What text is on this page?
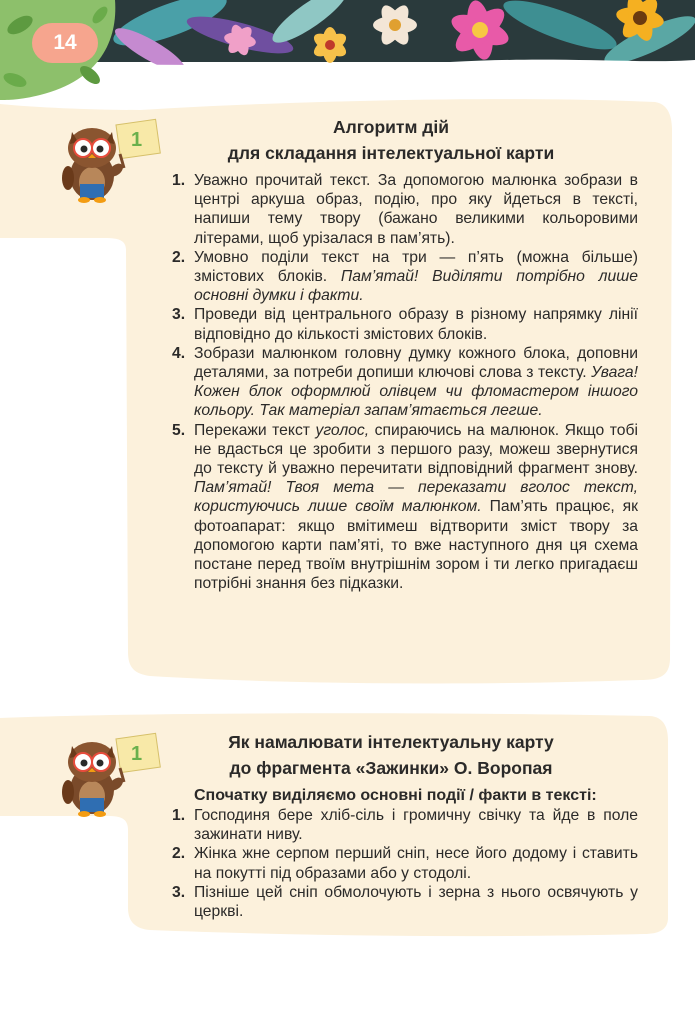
14
1
Алгоритм дій
для складання інтелектуальної карти
1. Уважно прочитай текст. За допомогою малюнка зобрази в центрі аркуша образ, подію, про яку йдеться в тексті, напиши тему твору (бажано великими кольоровими літерами, щоб урізалася в пам’ять).
2. Умовно поділи текст на три — п’ять (можна більше) змістових блоків. Пам’ятай! Виділяти потрібно лише основні думки і факти.
3. Проведи від центрального образу в різному напрямку лінії відповідно до кількості змістових блоків.
4. Зобрази малюнком головну думку кожного блока, доповни деталями, за потреби допиши ключові слова з тексту. Увага! Кожен блок оформлюй олівцем чи фломастером іншого кольору. Так матеріал запам’ятається легше.
5. Перекажи текст уголос, спираючись на малюнок. Якщо тобі не вдасться це зробити з першого разу, можеш звернутися до тексту й уважно перечитати відповідний фрагмент знову. Пам’ятай! Твоя мета — переказати вголос текст, користуючись лише своїм малюнком. Пам’ять працює, як фотоапарат: якщо вмітимеш відтворити зміст твору за допомогою карти пам’яті, то вже наступного дня ця схема постане перед твоїм внутрішнім зором і ти легко пригадаєш потрібні знання без підказки.
1
Як намалювати інтелектуальну карту
до фрагмента «Зажинки» О. Воропая
Спочатку виділяємо основні події / факти в тексті:
1. Господиня бере хліб-сіль і громичну свічку та йде в поле зажинати ниву.
2. Жінка жне серпом перший сніп, несе його додому і ставить на покутті під образами або у стодолі.
3. Пізніше цей сніп обмолочують і зерна з нього освячують у церкві.
